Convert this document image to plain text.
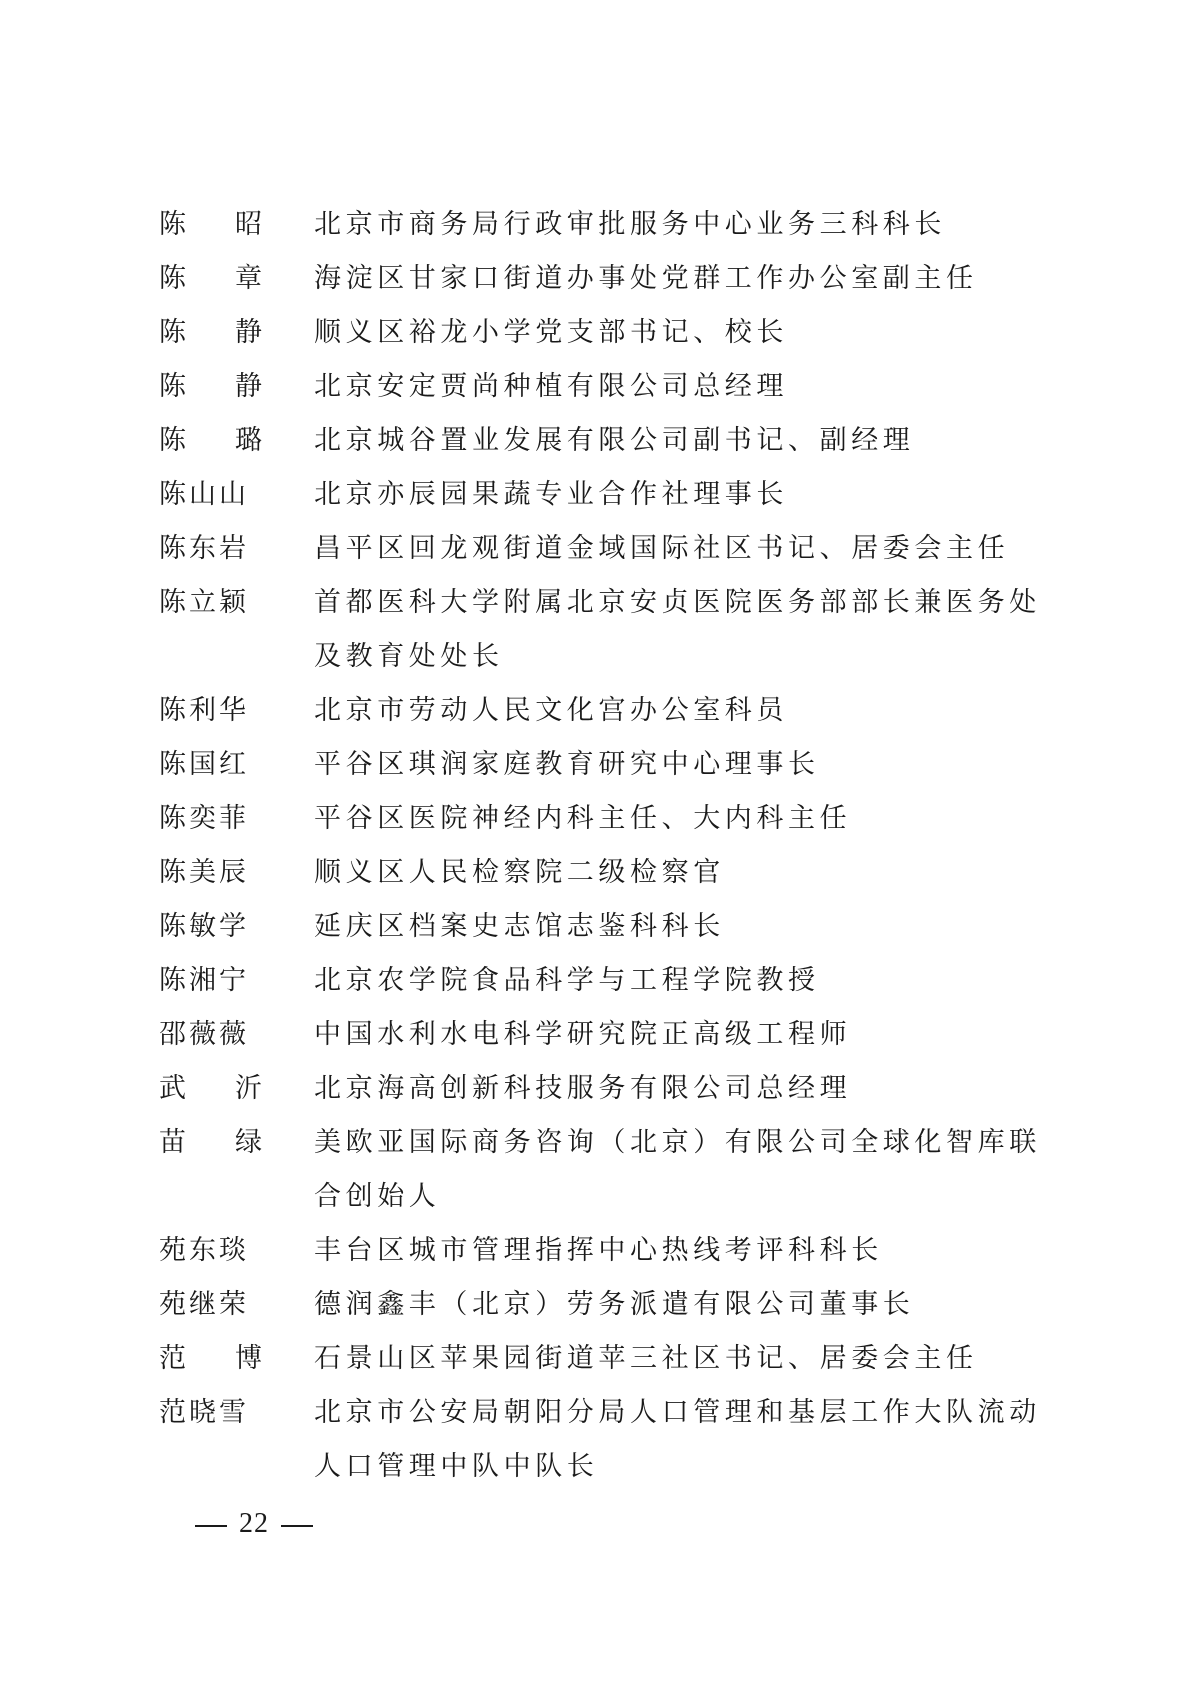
陈 昭	北京市商务局行政审批服务中心业务三科科长
陈 章	海淀区甘家口街道办事处党群工作办公室副主任
陈 静	顺义区裕龙小学党支部书记、校长
陈 静	北京安定贾尚种植有限公司总经理
陈 璐	北京城谷置业发展有限公司副书记、副经理
陈山山	北京亦辰园果蔬专业合作社理事长
陈东岩	昌平区回龙观街道金域国际社区书记、居委会主任
陈立颖	首都医科大学附属北京安贞医院医务部部长兼医务处及教育处处长
陈利华	北京市劳动人民文化宫办公室科员
陈国红	平谷区琪润家庭教育研究中心理事长
陈奕菲	平谷区医院神经内科主任、大内科主任
陈美辰	顺义区人民检察院二级检察官
陈敏学	延庆区档案史志馆志鉴科科长
陈湘宁	北京农学院食品科学与工程学院教授
邵薇薇	中国水利水电科学研究院正高级工程师
武 沂	北京海高创新科技服务有限公司总经理
苗 绿	美欧亚国际商务咨询（北京）有限公司全球化智库联合创始人
苑东琰	丰台区城市管理指挥中心热线考评科科长
苑继荣	德润鑫丰（北京）劳务派遣有限公司董事长
范 博	石景山区苹果园街道苹三社区书记、居委会主任
范晓雪	北京市公安局朝阳分局人口管理和基层工作大队流动人口管理中队中队长
22
